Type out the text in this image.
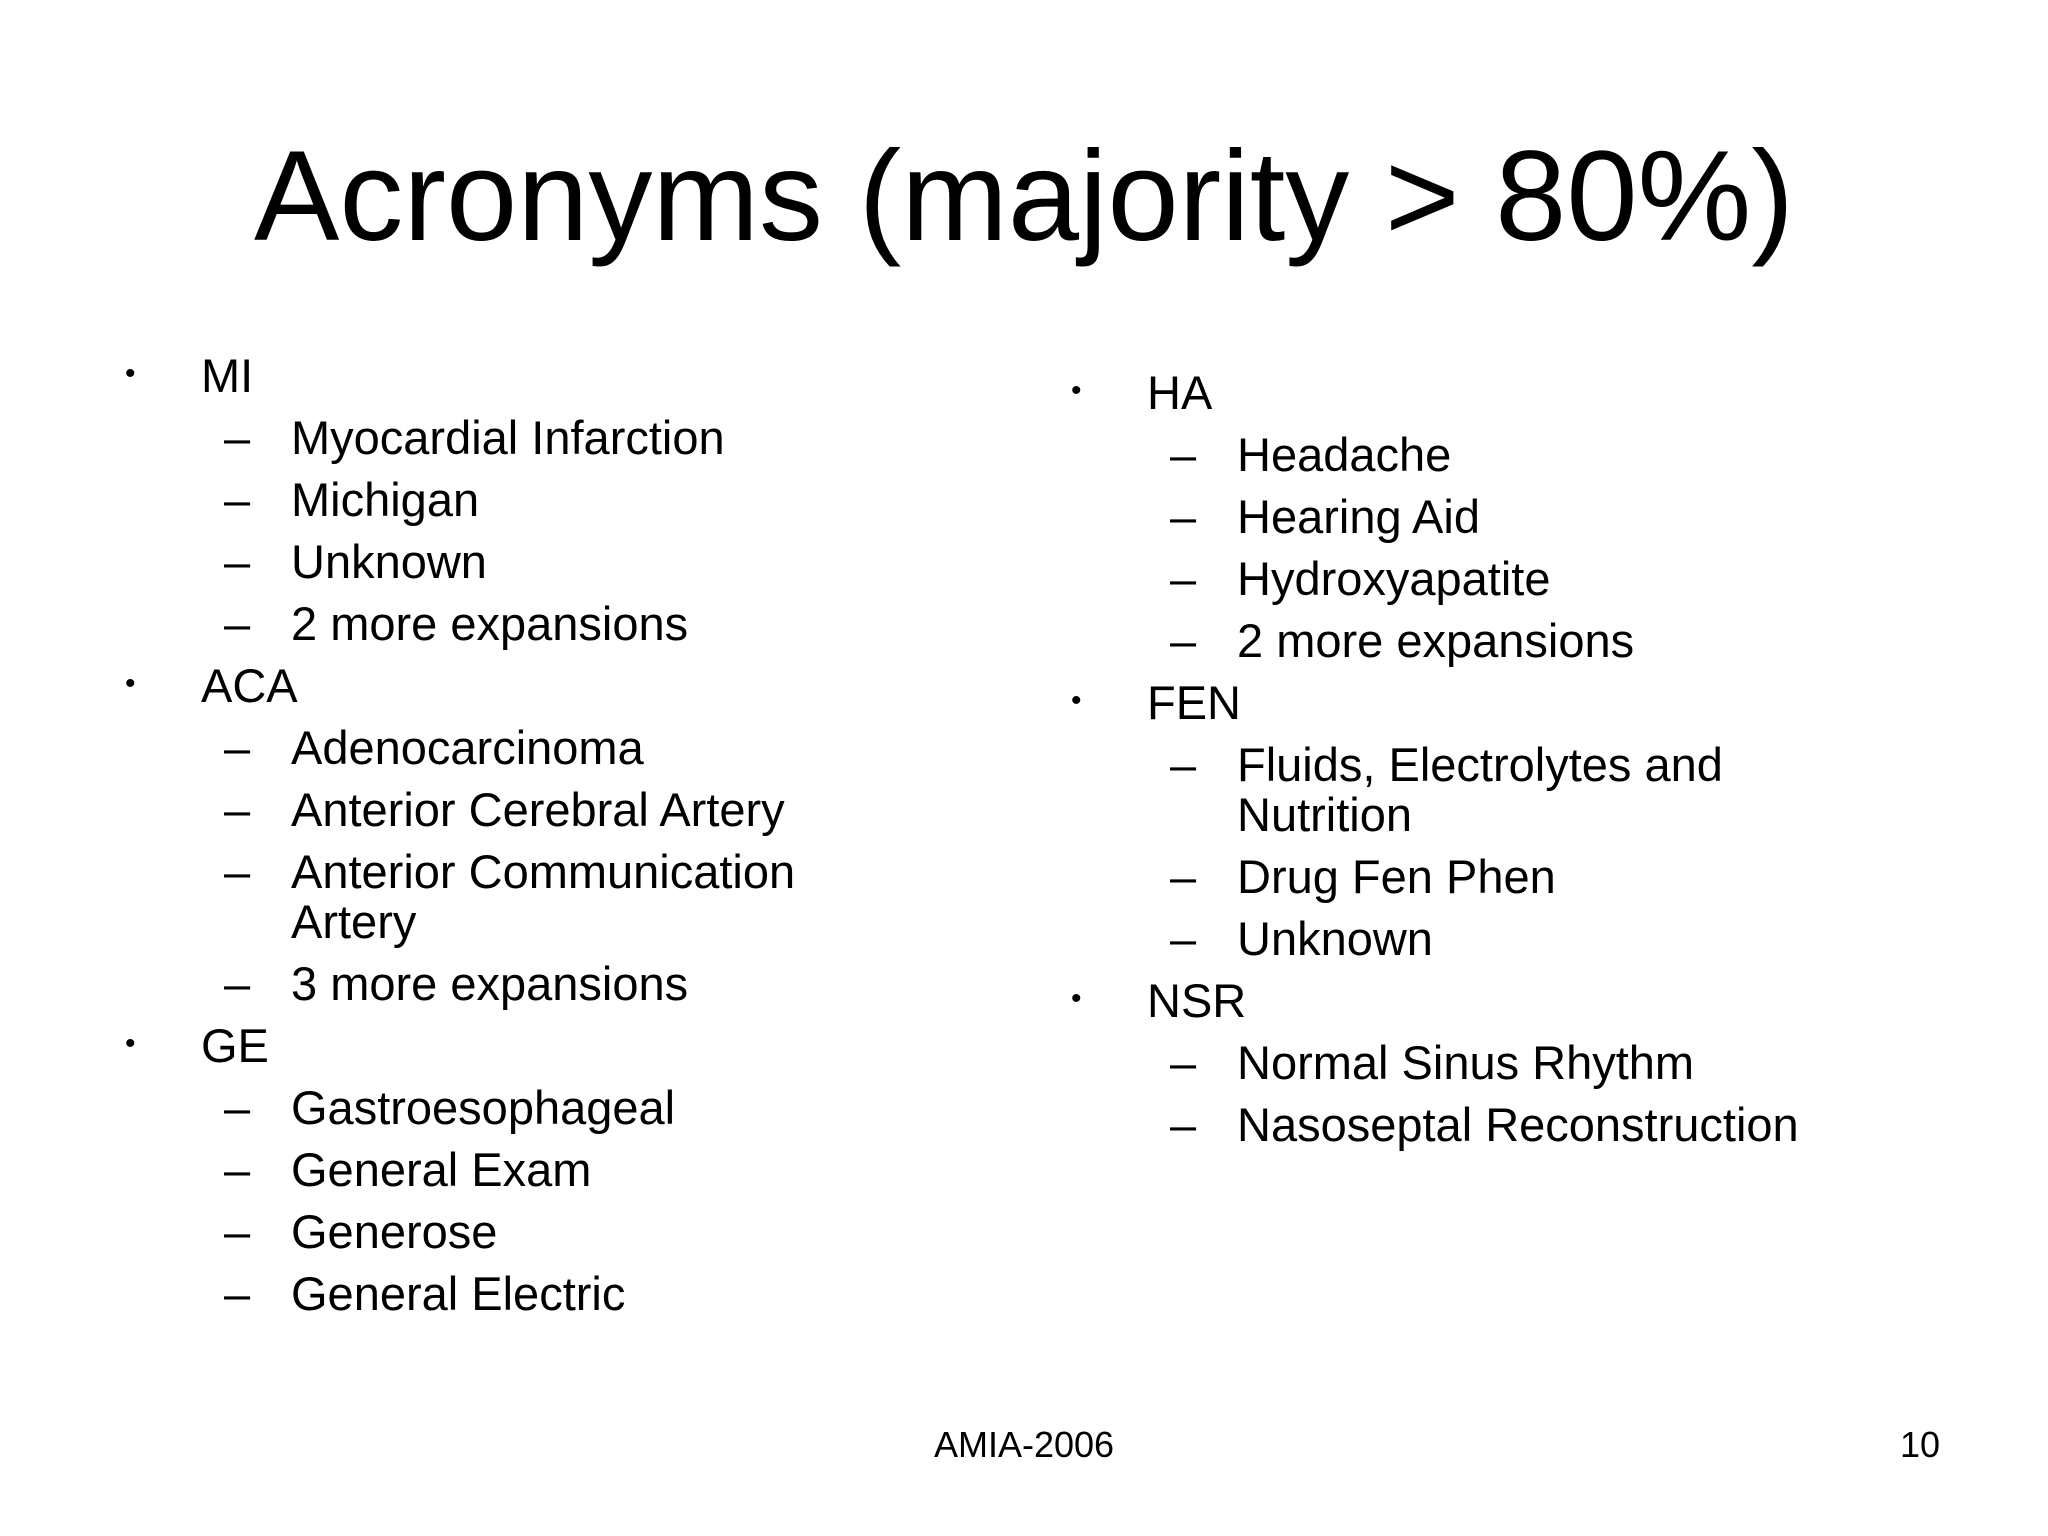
Acronyms (majority > 80%)
• MI
– Myocardial Infarction
– Michigan
– Unknown
– 2 more expansions
• ACA
– Adenocarcinoma
– Anterior Cerebral Artery
– Anterior Communication Artery
– 3 more expansions
• GE
– Gastroesophageal
– General Exam
– Generose
– General Electric
• HA
– Headache
– Hearing Aid
– Hydroxyapatite
– 2 more expansions
• FEN
– Fluids, Electrolytes and Nutrition
– Drug Fen Phen
– Unknown
• NSR
– Normal Sinus Rhythm
– Nasoseptal Reconstruction
AMIA-2006	10
